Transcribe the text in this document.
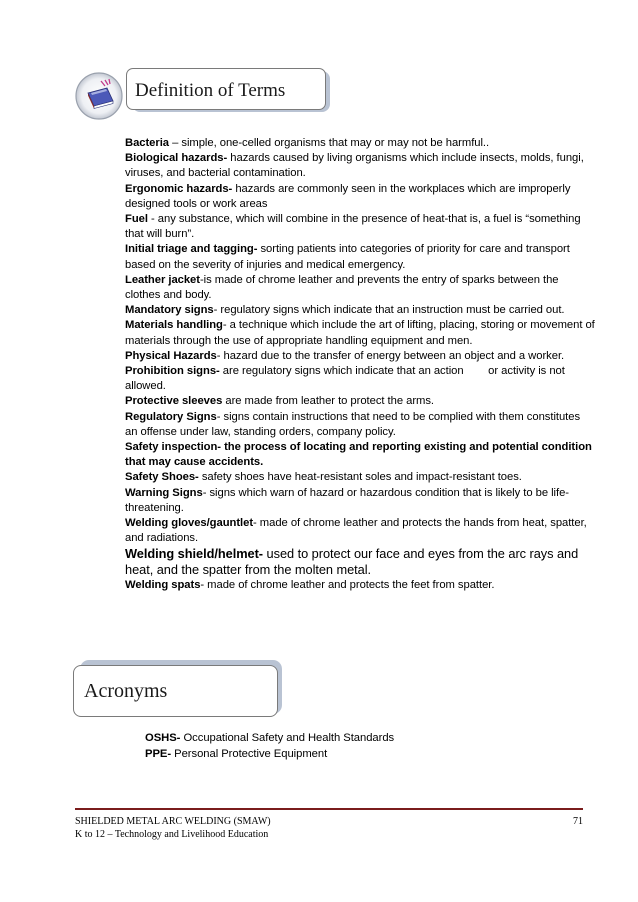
Definition of Terms
Bacteria – simple, one-celled organisms that may or may not be harmful..
Biological hazards- hazards caused by living organisms which include insects, molds, fungi, viruses, and bacterial contamination.
Ergonomic hazards- hazards are commonly seen in the workplaces which are improperly designed tools or work areas
Fuel - any substance, which will combine in the presence of heat-that is, a fuel is “something that will burn”.
Initial triage and tagging- sorting patients into categories of priority for care and transport based on the severity of injuries and medical emergency.
Leather jacket-is made of chrome leather and prevents the entry of sparks between the clothes and body.
Mandatory signs- regulatory signs which indicate that an instruction must be carried out.
Materials handling- a technique which include the art of lifting, placing, storing or movement of materials through the use of appropriate handling equipment and men.
Physical Hazards- hazard due to the transfer of energy between an object and a worker.
Prohibition signs- are regulatory signs which indicate that an action        or activity is not allowed.
Protective sleeves are made from leather to protect the arms.
Regulatory Signs- signs contain instructions that need to be complied with them constitutes an offense under law, standing orders, company policy.
Safety inspection- the process of locating and reporting existing and potential condition that may cause accidents.
Safety Shoes- safety shoes have heat-resistant soles and impact-resistant toes.
Warning Signs- signs which warn of hazard or hazardous condition that is likely to be life-threatening.
Welding gloves/gauntlet- made of chrome leather and protects the hands from heat, spatter, and radiations.
Welding shield/helmet- used to protect our face and eyes from the arc rays and heat, and the spatter from the molten metal.
Welding spats- made of chrome leather and protects the feet from spatter.
Acronyms
OSHS- Occupational Safety and Health Standards
PPE- Personal Protective Equipment
SHIELDED METAL ARC WELDING (SMAW)
K to 12 – Technology and Livelihood Education
71
